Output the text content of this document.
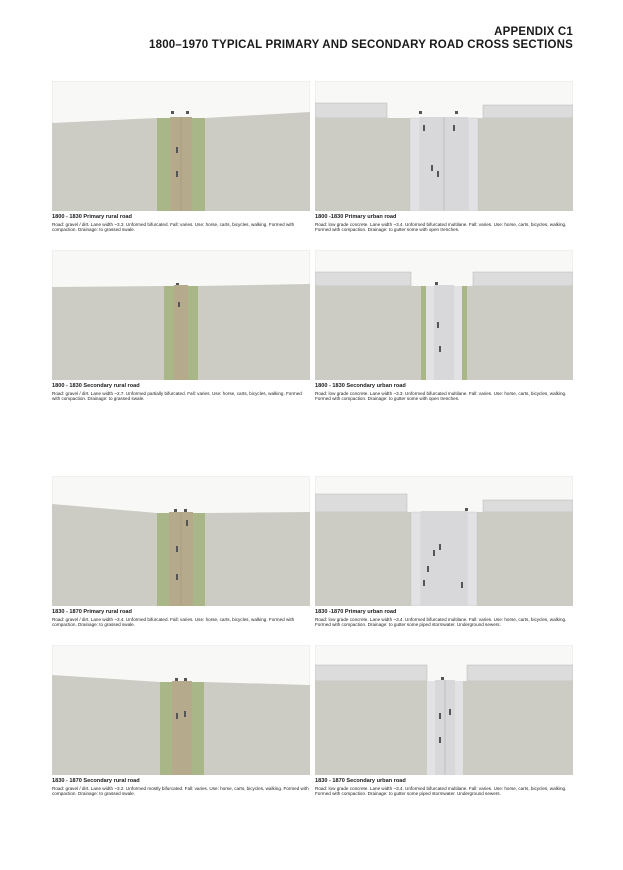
APPENDIX C1
1800–1970 TYPICAL PRIMARY AND SECONDARY ROAD CROSS SECTIONS
1800 - 1830 Primary rural road
Road: gravel / dirt. Lane width ~3.3. Unformed bifurcated. Fall: varies. Use: horse, carts, bicycles, walking. Formed with compaction. Drainage: to grassed swale.
1800 -1830 Primary urban road
Road: low grade concrete. Lane width ~3.4. Unformed bifurcated multilane. Fall: varies. Use: horse, carts, bicycles, walking. Formed with compaction. Drainage: to gutter some with open trenches.
1800 - 1830 Secondary rural road
Road: gravel / dirt. Lane width ~2.7. Unformed partially bifurcated. Fall: varies. Use: horse, carts, bicycles, walking. Formed with compaction. Drainage: to grassed swale.
1800 - 1830 Secondary urban road
Road: low grade concrete. Lane width ~3.3. Unformed bifurcated multilane. Fall: varies. Use: horse, carts, bicycles, walking. Formed with compaction. Drainage: to gutter some with open trenches.
1830 - 1870 Primary rural road
Road: gravel / dirt. Lane width ~3.4. Unformed bifurcated. Fall: varies. Use: horse, carts, bicycles, walking. Formed with compaction. Drainage: to grassed swale.
1830 -1870 Primary urban road
Road: low grade concrete. Lane width ~3.4. Unformed bifurcated multilane. Fall: varies. Use: horse, carts, bicycles, walking. Formed with compaction. Drainage: to gutter some piped stormwater. Underground sewers.
1830 - 1870 Secondary rural road
Road: gravel / dirt. Lane width ~3.2. Unformed mostly bifurcated. Fall: varies. Use: horse, carts, bicycles, walking. Formed with compaction. Drainage: to grassed swale.
1830 - 1870 Secondary urban road
Road: low grade concrete. Lane width ~3.4. Unformed bifurcated multilane. Fall: varies. Use: horse, carts, bicycles, walking. Formed with compaction. Drainage: to gutter some piped stormwater. Underground sewers.
